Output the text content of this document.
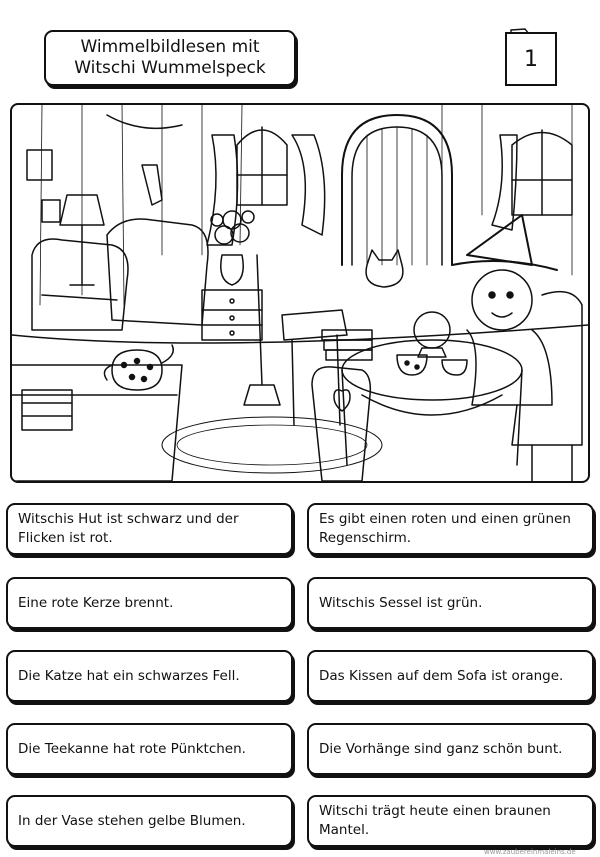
Wimmelbildlesen mit
Witschi Wummelspeck	1
Witschis Hut ist schwarz und der Flicken ist rot.
Es gibt einen roten und einen grünen Regenschirm.
Eine rote Kerze brennt.	Witschis Sessel ist grün.
Die Katze hat ein schwarzes Fell.	Das Kissen auf dem Sofa ist orange.
Die Teekanne hat rote Pünktchen.	Die Vorhänge sind ganz schön bunt.
In der Vase stehen gelbe Blumen.
Witschi trägt heute einen braunen Mantel.
www.zaubereinmaleins.de
